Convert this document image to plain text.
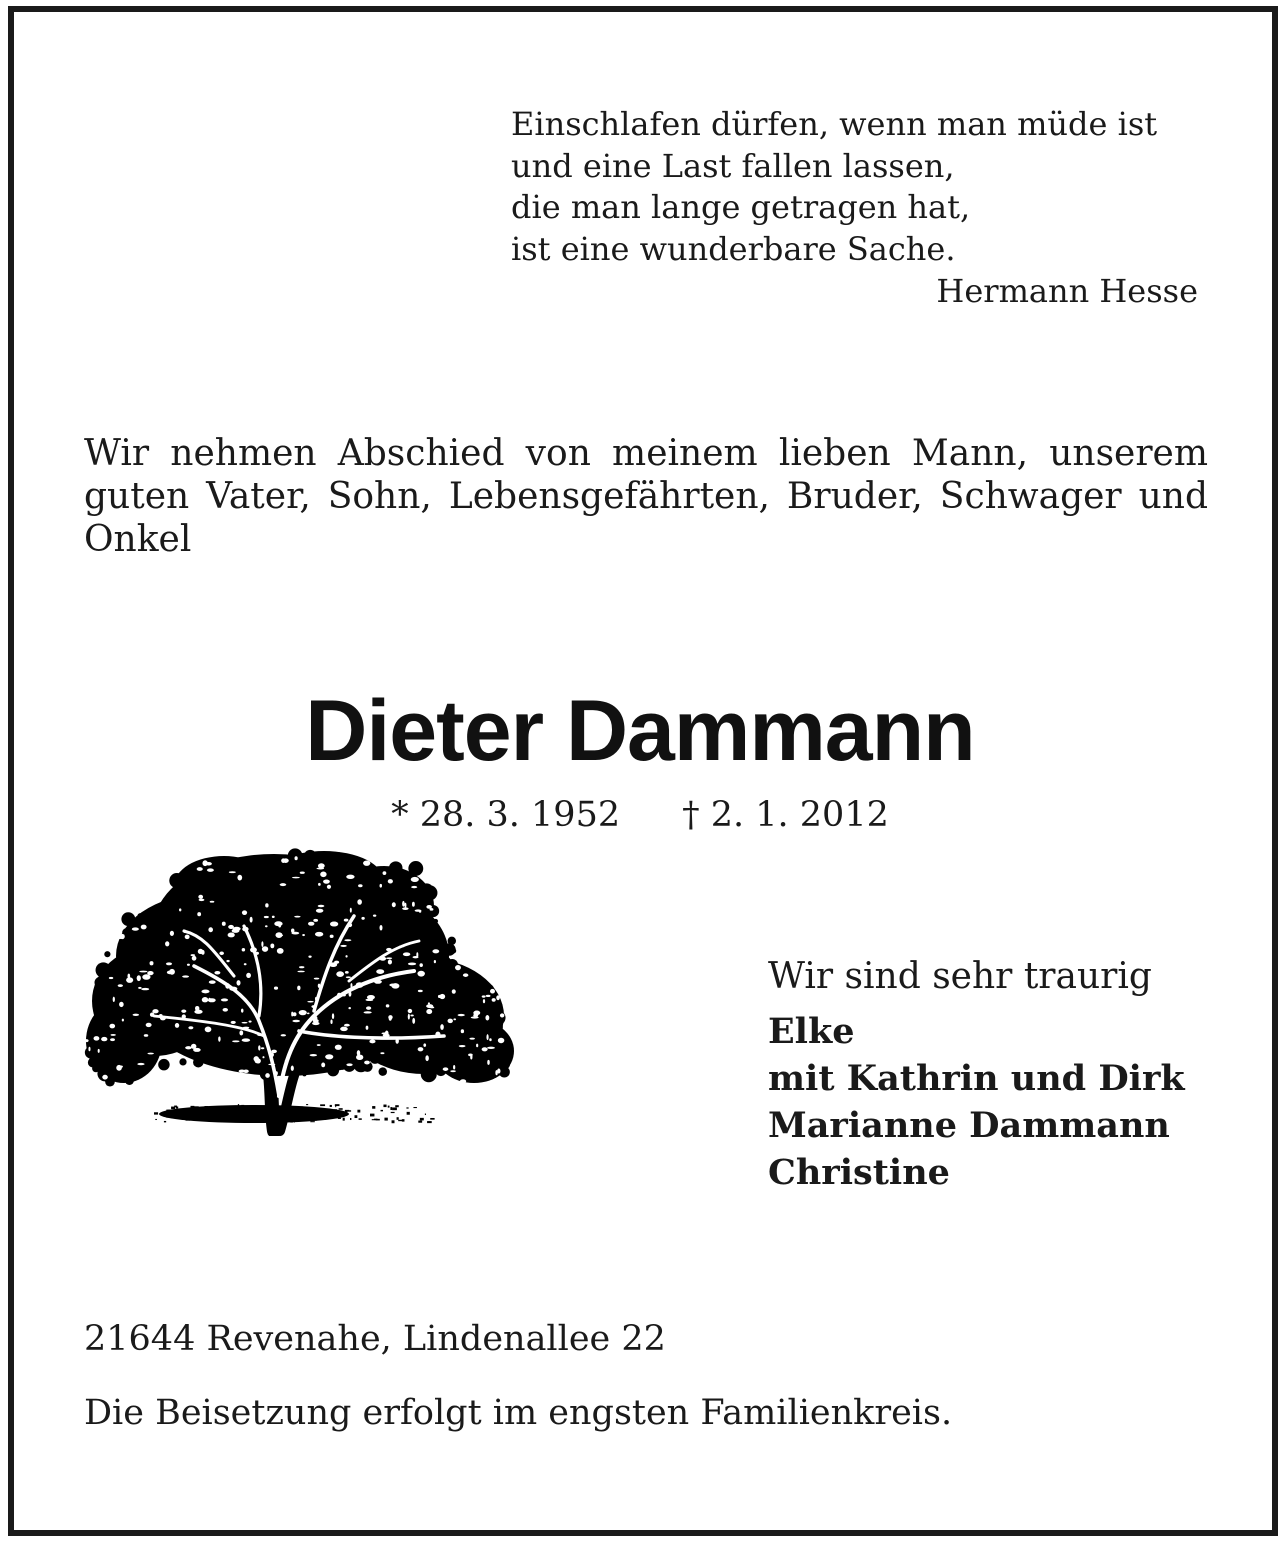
Einschlafen dürfen, wenn man müde ist
und eine Last fallen lassen,
die man lange getragen hat,
ist eine wunderbare Sache.
Hermann Hesse
Wir nehmen Abschied von meinem lieben Mann, unserem guten Vater, Sohn, Lebensgefährten, Bruder, Schwager und Onkel
Dieter Dammann
* 28. 3. 1952 † 2. 1. 2012
Wir sind sehr traurig
Elke
mit Kathrin und Dirk
Marianne Dammann
Christine
21644 Revenahe, Lindenallee 22
Die Beisetzung erfolgt im engsten Familienkreis.
